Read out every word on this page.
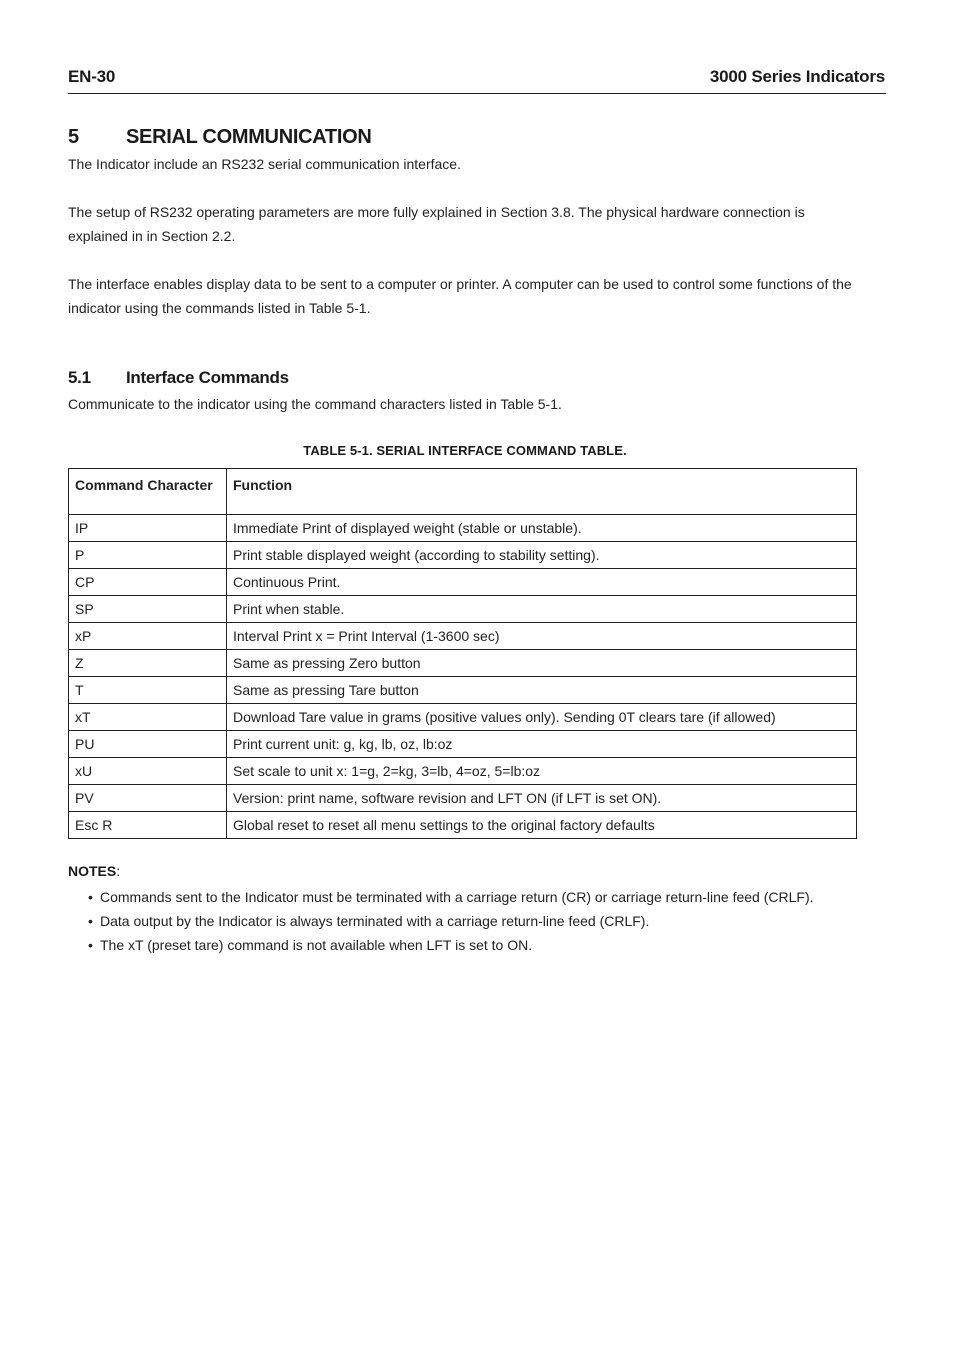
EN-30	3000 Series Indicators
5 SERIAL COMMUNICATION
The Indicator include an RS232 serial communication interface.
The setup of RS232 operating parameters are more fully explained in Section 3.8. The physical hardware connection is explained in in Section 2.2.
The interface enables display data to be sent to a computer or printer. A computer can be used to control some functions of the indicator using the commands listed in Table 5-1.
5.1 Interface Commands
Communicate to the indicator using the command characters listed in Table 5-1.
TABLE 5-1. SERIAL INTERFACE COMMAND TABLE.
Command Character	Function
IP	Immediate Print of displayed weight (stable or unstable).
P	Print stable displayed weight (according to stability setting).
CP	Continuous Print.
SP	Print when stable.
xP	Interval Print x = Print Interval (1-3600 sec)
Z	Same as pressing Zero button
T	Same as pressing Tare button
xT	Download Tare value in grams (positive values only). Sending 0T clears tare (if allowed)
PU	Print current unit: g, kg, lb, oz, lb:oz
xU	Set scale to unit x: 1=g, 2=kg, 3=lb, 4=oz, 5=lb:oz
PV	Version: print name, software revision and LFT ON (if LFT is set ON).
Esc R	Global reset to reset all menu settings to the original factory defaults
NOTES:
• Commands sent to the Indicator must be terminated with a carriage return (CR) or carriage return-line feed (CRLF).
• Data output by the Indicator is always terminated with a carriage return-line feed (CRLF).
• The xT (preset tare) command is not available when LFT is set to ON.
